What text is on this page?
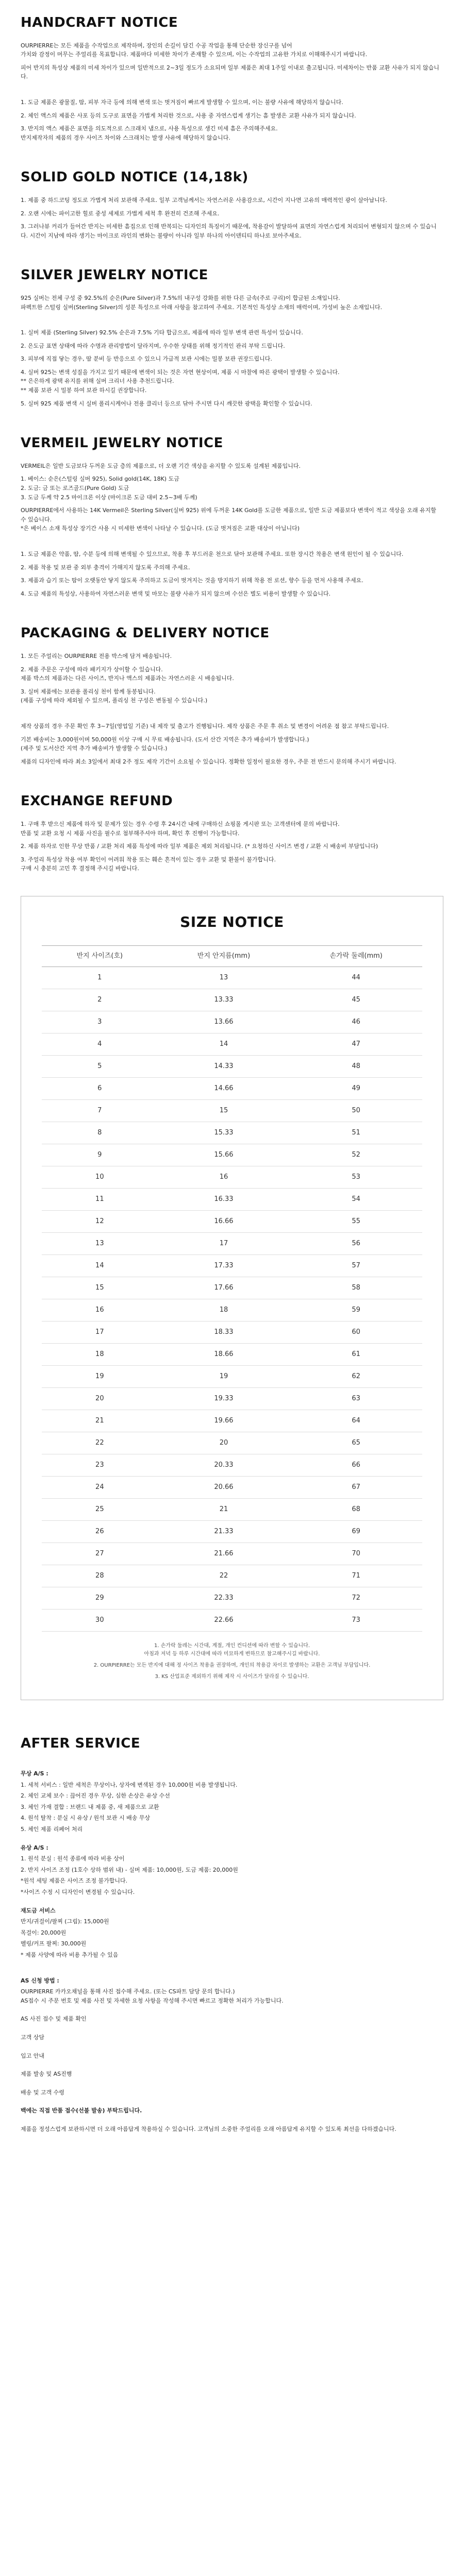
HANDCRAFT NOTICE

OURPIERRE는 모든 제품을 수작업으로 제작하며, 장인의 손길이 담긴 수공 작업을 통해 단순한 장신구를 넘어
가치와 감정이 머무는 주얼리를 목표합니다. 제품마다 미세한 차이가 존재할 수 있으며, 이는 수작업의 고유한 가치로 이해해주시기 바랍니다.

피어 반지의 특성상 제품의 미세 차이가 있으며 일반적으로 2~3일 정도가 소요되며 일부 제품은 최대 1주일 이내로 출고됩니다. 미세차이는 반품 교환 사유가 되지 않습니다.

1. 도금 제품은 광물질, 땀, 피부 자극 등에 의해 변색 또는 벗겨짐이 빠르게 발생할 수 있으며, 이는 불량 사유에 해당하지 않습니다.

2. 체인 액스의 제품은 사포 등의 도구로 표면을 가볍게 처리한 것으로, 사용 중 자연스럽게 생기는 흠 발생은 교환 사유가 되지 않습니다.

3. 반지의 액스 제품은 표면을 의도적으로 스크래치 냄으로, 사용 특성으로 생긴 미세 흠은 주의해주세요.
반지제작자의 제품의 경우 사이즈 차이와 스크래치는 발생 사유에 해당하지 않습니다.

SOLID GOLD NOTICE (14,18k)

1. 제품 중 하드코팅 정도로 가볍게 처리 보관해 주세요. 일부 고객님께서는 자연스러운 사용감으로, 시간이 지나면 고유의 매력적인 광이 살아납니다.

2. 오랜 시에는 파이고한 힐로 중성 세제로 가볍게 세척 후 완전히 건조해 주세요.

3. 그러나뷰 커리가 들어간 반지는 미세한 흠집으로 인해 반복되는 디자인의 특징이기 때문에, 착용감이 발달하여 표면의 자연스럽게 처리되어 변형되지 않으며 수 있습니다. 시간이 지남에 따라 생기는 마이크로 라인의 변화는 불량이 아니라 일부 하나의 아이덴티티 하나로 보아주세요.

SILVER JEWELRY NOTICE

925 실버는 전체 구성 중 92.5%의 순은(Pure Silver)과 7.5%의 내구성 강화를 위한 다른 금속(주로 구리)이 합금된 소재입니다.
파펙트한 스털링 실버(Sterling Silver)의 성분 특성으로 아래 사항을 참고하여 주세요. 기본적인 특성상 소재의 매력이며, 가성비 높은 소재입니다.

1. 실버 제품 (Sterling Silver) 92.5% 순은과 7.5% 기타 합금으로, 제품에 따라 일부 변색 관련 특성이 있습니다.

2. 은도금 표면 상태에 따라 수명과 관리방법이 달라지며, 우수한 상태를 위해 정기적인 관리 부탁 드립니다.

3. 피부에 직접 닿는 경우, 땀 분비 등 반응으로 수 있으니 가급적 보관 시에는 밀봉 보관 권장드립니다.

4. 실버 925는 변색 성질을 가지고 있기 때문에 변색이 되는 것은 자연 현상이며, 제품 시 마찰에 따른 광택이 발생할 수 있습니다.
** 은은하게 광택 유지를 위해 실버 크리너 사용 추천드립니다.
** 제품 보관 시 밀봉 하여 보관 하시길 권장합니다.

5. 실버 925 제품 변색 시 실버 폴리시케어나 전용 클리너 등으로 닦아 주시면 다시 깨끗한 광택을 확인할 수 있습니다.

VERMEIL JEWELRY NOTICE

VERMEIL은 일반 도금보다 두꺼운 도금 층의 제품으로, 더 오랜 기간 색상을 유지할 수 있도록 설계된 제품입니다.

1. 베이스: 순은(스털링 실버 925), Solid gold(14K, 18K) 도금
2. 도금: 금 또는 로즈골드(Pure Gold) 도금
3. 도금 두께 약 2.5 마이크론 이상 (마이크론 도금 대비 2.5~3배 두께)

OURPIERRE에서 사용하는 14K Vermeil은 Sterling Silver(실버 925) 위에 두꺼운 14K Gold를 도금한 제품으로, 일반 도금 제품보다 변색이 적고 색상을 오래 유지할 수 있습니다.
*은 베이스 소재 특성상 장기간 사용 시 미세한 변색이 나타날 수 있습니다. (도금 벗겨짐은 교환 대상이 아닙니다)

1. 도금 제품은 약품, 땀, 수분 등에 의해 변색될 수 있으므로, 착용 후 부드러운 천으로 닦아 보관해 주세요. 또한 장시간 착용은 변색 원인이 될 수 있습니다.

2. 제품 착용 및 보관 중 외부 충격이 가해지지 않도록 주의해 주세요.

3. 제품과 습기 또는 땀이 오랫동안 닿지 않도록 주의하고 도금이 벗겨지는 것을 방지하기 위해 착용 전 로션, 향수 등을 먼저 사용해 주세요.

4. 도금 제품의 특성상, 사용하여 자연스러운 변색 및 마모는 불량 사유가 되지 않으며 수선은 별도 비용이 발생할 수 있습니다.

PACKAGING & DELIVERY NOTICE

1. 모든 주얼리는 OURPIERRE 전용 박스에 담겨 배송됩니다.

2. 제품 주문은 구성에 따라 패키지가 상이할 수 있습니다.
제품 박스의 제품과는 다른 사이즈, 반지나 액스의 제품과는 자연스러운 시 배송됩니다.

3. 실버 제품에는 보관용 폴리싱 천이 함께 동봉됩니다.
(제품 구성에 따라 제외될 수 있으며, 폴리싱 천 구성은 변동될 수 있습니다.)

제작 상품의 경우 주문 확인 후 3~7일(영업일 기준) 내 제작 및 출고가 진행됩니다. 제작 상품은 주문 후 취소 및 변경이 어려운 점 참고 부탁드립니다.

기본 배송비는 3,000원이며 50,000원 이상 구매 시 무료 배송됩니다. (도서 산간 지역은 추가 배송비가 발생합니다.)
(제주 및 도서산간 지역 추가 배송비가 발생할 수 있습니다.)

제품의 디자인에 따라 최소 3일에서 최대 2주 정도 제작 기간이 소요될 수 있습니다. 정확한 일정이 필요한 경우, 주문 전 반드시 문의해 주시기 바랍니다.

EXCHANGE REFUND

1. 구매 후 받으신 제품에 하자 및 문제가 있는 경우 수령 후 24시간 내에 구매하신 쇼핑몰 게시판 또는 고객센터에 문의 바랍니다.
반품 및 교환 요청 시 제품 사진을 필수로 첨부해주셔야 하며, 확인 후 진행이 가능합니다.

2. 제품 하자로 인한 무상 반품 / 교환 처리 제품 특성에 따라 일부 제품은 제외 처리됩니다. (* 요청하신 사이즈 변경 / 교환 시 배송비 부담입니다)

3. 주얼리 특성상 착용 여부 확인이 어려워 착용 또는 훼손 흔적이 있는 경우 교환 및 환불이 불가합니다.
구매 시 충분히 고민 후 결정해 주시길 바랍니다.

SIZE NOTICE
반지 사이즈(호)	반지 안지름(mm)	손가락 둘레(mm)
1	13	44
2	13.33	45
3	13.66	46
4	14	47
5	14.33	48
6	14.66	49
7	15	50
8	15.33	51
9	15.66	52
10	16	53
11	16.33	54
12	16.66	55
13	17	56
14	17.33	57
15	17.66	58
16	18	59
17	18.33	60
18	18.66	61
19	19	62
20	19.33	63
21	19.66	64
22	20	65
23	20.33	66
24	20.66	67
25	21	68
26	21.33	69
27	21.66	70
28	22	71
29	22.33	72
30	22.66	73

1. 손가락 둘레는 시간대, 계절, 개인 컨디션에 따라 변할 수 있습니다.
아침과 저녁 등 하루 시간대에 따라 미묘하게 변하므로 참고해주시길 바랍니다.

2. OURPIERRE는 모든 반지에 대해 정 사이즈 착용을 권장하며, 개인의 착용감 차이로 발생하는 교환은 고객님 부담입니다.

3. KS 산업표준 제외하기 위해 제작 시 사이즈가 달라질 수 있습니다.

AFTER SERVICE

무상 A/S :

1. 세척 서비스 : 일반 세척은 무상이나, 상자에 변색된 경우 10,000원 비용 발생됩니다.

2. 체인 교체 보수 : 끊어진 경우 무상, 심한 손상은 유상 수선

3. 체인 가재 결합 : 브랜드 내 제품 중, 새 제품으로 교환

4. 원석 탈착 : 분실 시 유상 / 원석 보관 시 배송 무상

5. 체인 제품 리페어 처리

유상 A/S :

1. 원석 분실 : 원석 종류에 따라 비용 상이

2. 반지 사이즈 조정 (1호수 상하 범위 내) - 실버 제품: 10,000원, 도금 제품: 20,000원

*원석 세팅 제품은 사이즈 조정 불가합니다.

*사이즈 수정 시 디자인이 변경될 수 있습니다.

재도금 서비스

반지/귀걸이/팔찌 (그림): 15,000원

목걸이: 20,000원

벨링/커프 팔찌: 30,000원

* 제품 사양에 따라 비용 추가될 수 있음

AS 신청 방법 :

OURPIERRE 카카오채널을 통해 사진 접수해 주세요. (또는 CS파트 담당 문의 합니다.)
AS접수 시 주문 번호 및 제품 사진 및 자세한 요청 사항을 작성해 주시면 빠르고 정확한 처리가 가능합니다.

AS 사진 접수 및 제품 확인

고객 상담

입고 안내

제품 발송 및 AS진행

배송 및 고객 수령

백에는 직접 반품 접수(선불 발송) 부탁드립니다.

제품을 정성스럽게 보관하시면 더 오래 아름답게 착용하실 수 있습니다. 고객님의 소중한 주얼리를 오래 아름답게 유지할 수 있도록 최선을 다하겠습니다.
